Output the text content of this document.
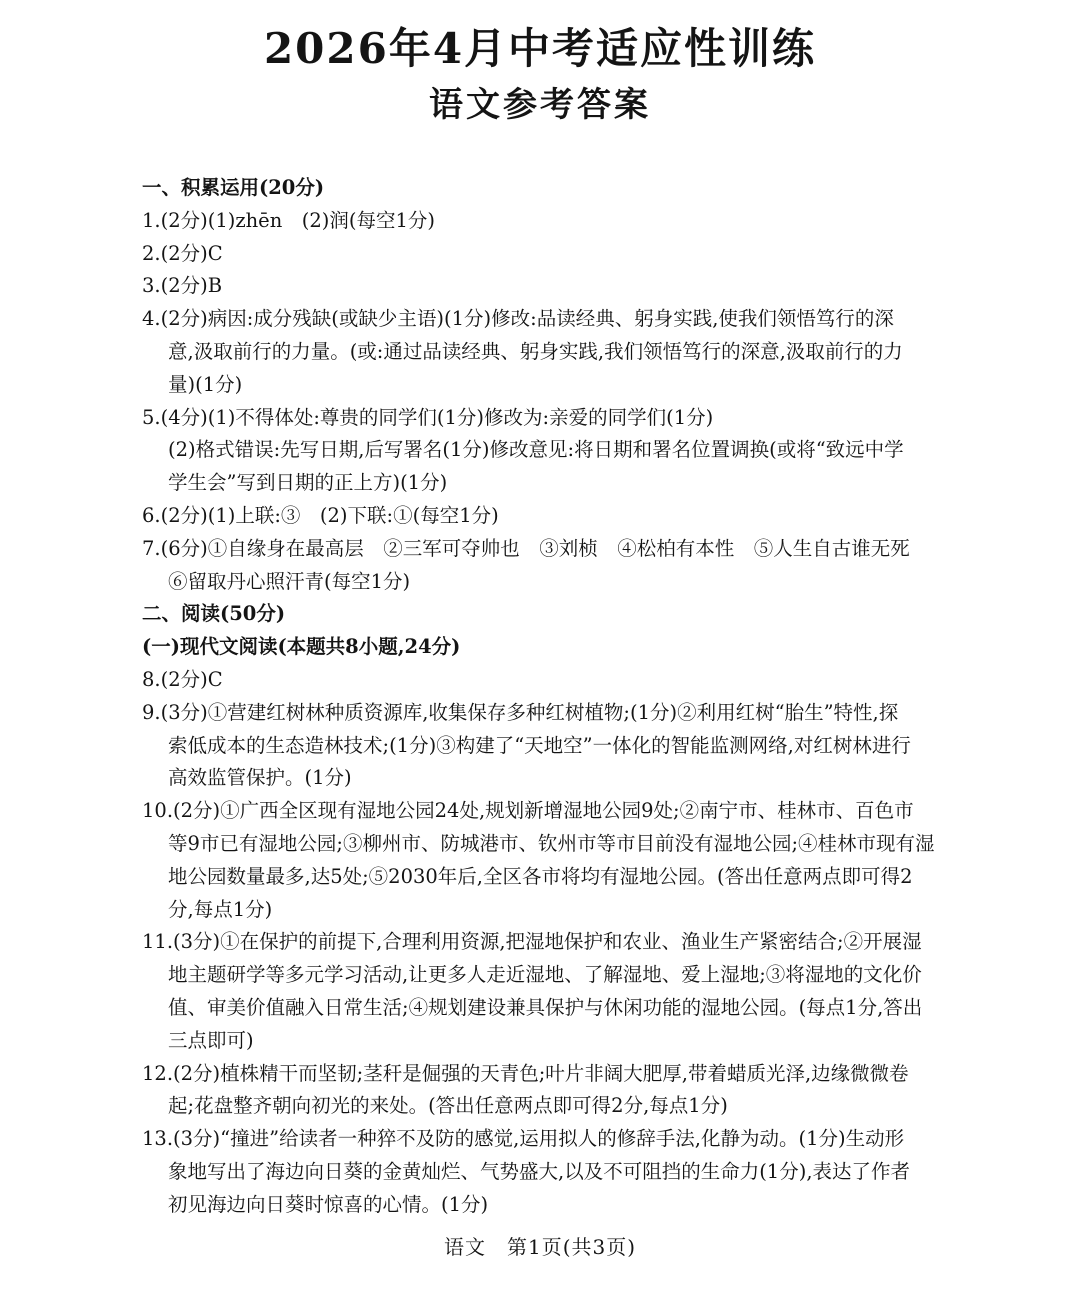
2026年4月中考适应性训练
语文参考答案
一、积累运用(20分)
1.(2分)(1)zhēn　(2)润(每空1分)
2.(2分)C
3.(2分)B
4.(2分)病因:成分残缺(或缺少主语)(1分)修改:品读经典、躬身实践,使我们领悟笃行的深
意,汲取前行的力量。(或:通过品读经典、躬身实践,我们领悟笃行的深意,汲取前行的力
量)(1分)
5.(4分)(1)不得体处:尊贵的同学们(1分)修改为:亲爱的同学们(1分)
(2)格式错误:先写日期,后写署名(1分)修改意见:将日期和署名位置调换(或将“致远中学
学生会”写到日期的正上方)(1分)
6.(2分)(1)上联:③　(2)下联:①(每空1分)
7.(6分)①自缘身在最高层　②三军可夺帅也　③刘桢　④松柏有本性　⑤人生自古谁无死
⑥留取丹心照汗青(每空1分)
二、阅读(50分)
(一)现代文阅读(本题共8小题,24分)
8.(2分)C
9.(3分)①营建红树林种质资源库,收集保存多种红树植物;(1分)②利用红树“胎生”特性,探
索低成本的生态造林技术;(1分)③构建了“天地空”一体化的智能监测网络,对红树林进行
高效监管保护。(1分)
10.(2分)①广西全区现有湿地公园24处,规划新增湿地公园9处;②南宁市、桂林市、百色市
等9市已有湿地公园;③柳州市、防城港市、钦州市等市目前没有湿地公园;④桂林市现有湿
地公园数量最多,达5处;⑤2030年后,全区各市将均有湿地公园。(答出任意两点即可得2
分,每点1分)
11.(3分)①在保护的前提下,合理利用资源,把湿地保护和农业、渔业生产紧密结合;②开展湿
地主题研学等多元学习活动,让更多人走近湿地、了解湿地、爱上湿地;③将湿地的文化价
值、审美价值融入日常生活;④规划建设兼具保护与休闲功能的湿地公园。(每点1分,答出
三点即可)
12.(2分)植株精干而坚韧;茎秆是倔强的天青色;叶片非阔大肥厚,带着蜡质光泽,边缘微微卷
起;花盘整齐朝向初光的来处。(答出任意两点即可得2分,每点1分)
13.(3分)“撞进”给读者一种猝不及防的感觉,运用拟人的修辞手法,化静为动。(1分)生动形
象地写出了海边向日葵的金黄灿烂、气势盛大,以及不可阻挡的生命力(1分),表达了作者
初见海边向日葵时惊喜的心情。(1分)
语文　第1页(共3页)
